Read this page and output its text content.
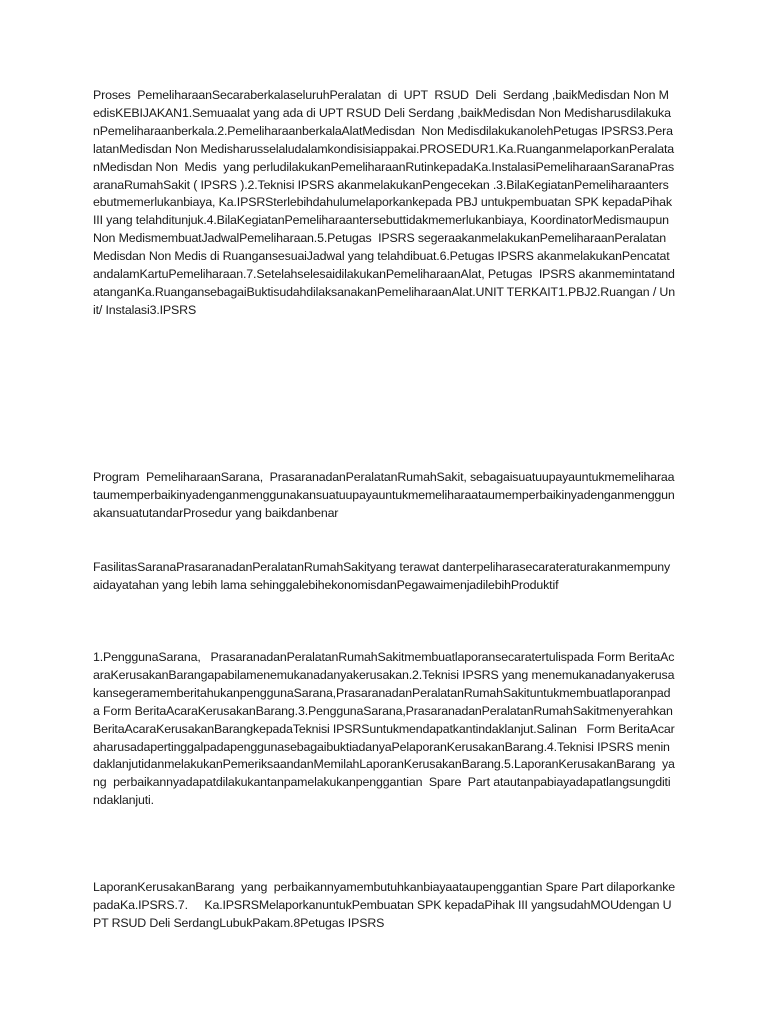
Proses  PemeliharaanSecaraberkalaseluruhPeralatan  di  UPT  RSUD  Deli  Serdang ,baikMedisdan Non MedisKEBIJAKAN1.Semuaalat yang ada di UPT RSUD Deli Serdang ,baikMedisdan Non MedisharusdilakukanPemeliharaanberkala.2.PemeliharaanberkalaAlatMedisdan  Non MedisdilakukanolehPetugas IPSRS3.PeralatanMedisdan Non Medisharusselaludalamkondisisiappakai.PROSEDUR1.Ka.RuanganmelaporkanPeralatanMedisdan Non  Medis  yang perludilakukanPemeliharaanRutinkepadaKa.InstalasiPemeliharaanSaranaPrasaranaRumahSakit ( IPSRS ).2.Teknisi IPSRS akanmelakukanPengecekan .3.BilaKegiatanPemeliharaantersebutmemerlukanbiaya, Ka.IPSRSterlebihdahulumelaporkankepada PBJ untukpembuatan SPK kepadaPihak III yang telahditunjuk.4.BilaKegiatanPemeliharaantersebuttidakmemerlukanbiaya, KoordinatorMedismaupun Non MedismembuatJadwalPemeliharaan.5.Petugas  IPSRS segeraakanmelakukanPemeliharaanPeralatanMedisdan Non Medis di RuangansesuaiJadwal yang telahdibuat.6.Petugas IPSRS akanmelakukanPencatatandalamKartuPemeliharaan.7.SetelahselesaidilakukanPemeliharaanAlat, Petugas  IPSRS akanmemintatandatanganKa.RuangansebagaiBuktisudahdilaksanakanPemeliharaanAlat.UNIT TERKAIT1.PBJ2.Ruangan / Unit/ Instalasi3.IPSRS

Program  PemeliharaanSarana,  PrasaranadanPeralatanRumahSakit, sebagaisuatuupayauntukmemeliharaataumemperbaikinyadenganmenggunakansuatuupayauntukmemeliharaataumemperbaikinyadenganmenggunakansuatutandarProsedur yang baikdanbenar

FasilitasSaranaPrasaranadanPeralatanRumahSakityang terawat danterpeliharasecarateraturakanmempunyaidayatahan yang lebih lama sehinggalebihekonomisdanPegawaimenjadilebihProduktif

1.PenggunaSarana,   PrasaranadanPeralatanRumahSakitmembuatlaporansecaratertulispada Form BeritaAcaraKerusakanBarangapabilamenemukanadanyakerusakan.2.Teknisi IPSRS yang menemukanadanyakerusakansegeramemberitahukanpenggunaSarana,PrasaranadanPeralatanRumahSakituntukmembuatlaporanpada Form BeritaAcaraKerusakanBarang.3.PenggunaSarana,PrasaranadanPeralatanRumahSakitmenyerahkanBeritaAcaraKerusakanBarangkepadaTeknisi IPSRSuntukmendapatkantindaklanjut.Salinan   Form BeritaAcaraharusadapertinggalpadapenggunasebagaibuktiadanyaPelaporanKerusakanBarang.4.Teknisi IPSRS menindaklanjutidanmelakukanPemeriksaandanMemilahLaporanKerusakanBarang.5.LaporanKerusakanBarang  yang  perbaikannyadapatdilakukantanpamelakukanpenggantian  Spare  Part atautanpabiayadapatlangsungditindaklanjuti.

LaporanKerusakanBarang  yang  perbaikannyamembutuhkanbiayaataupenggantian Spare Part dilaporkankepadaKa.IPSRS.7.     Ka.IPSRSMelaporkanuntukPembuatan SPK kepadaPihak III yangsudahMOUdengan UPT RSUD Deli SerdangLubukPakam.8Petugas IPSRS
